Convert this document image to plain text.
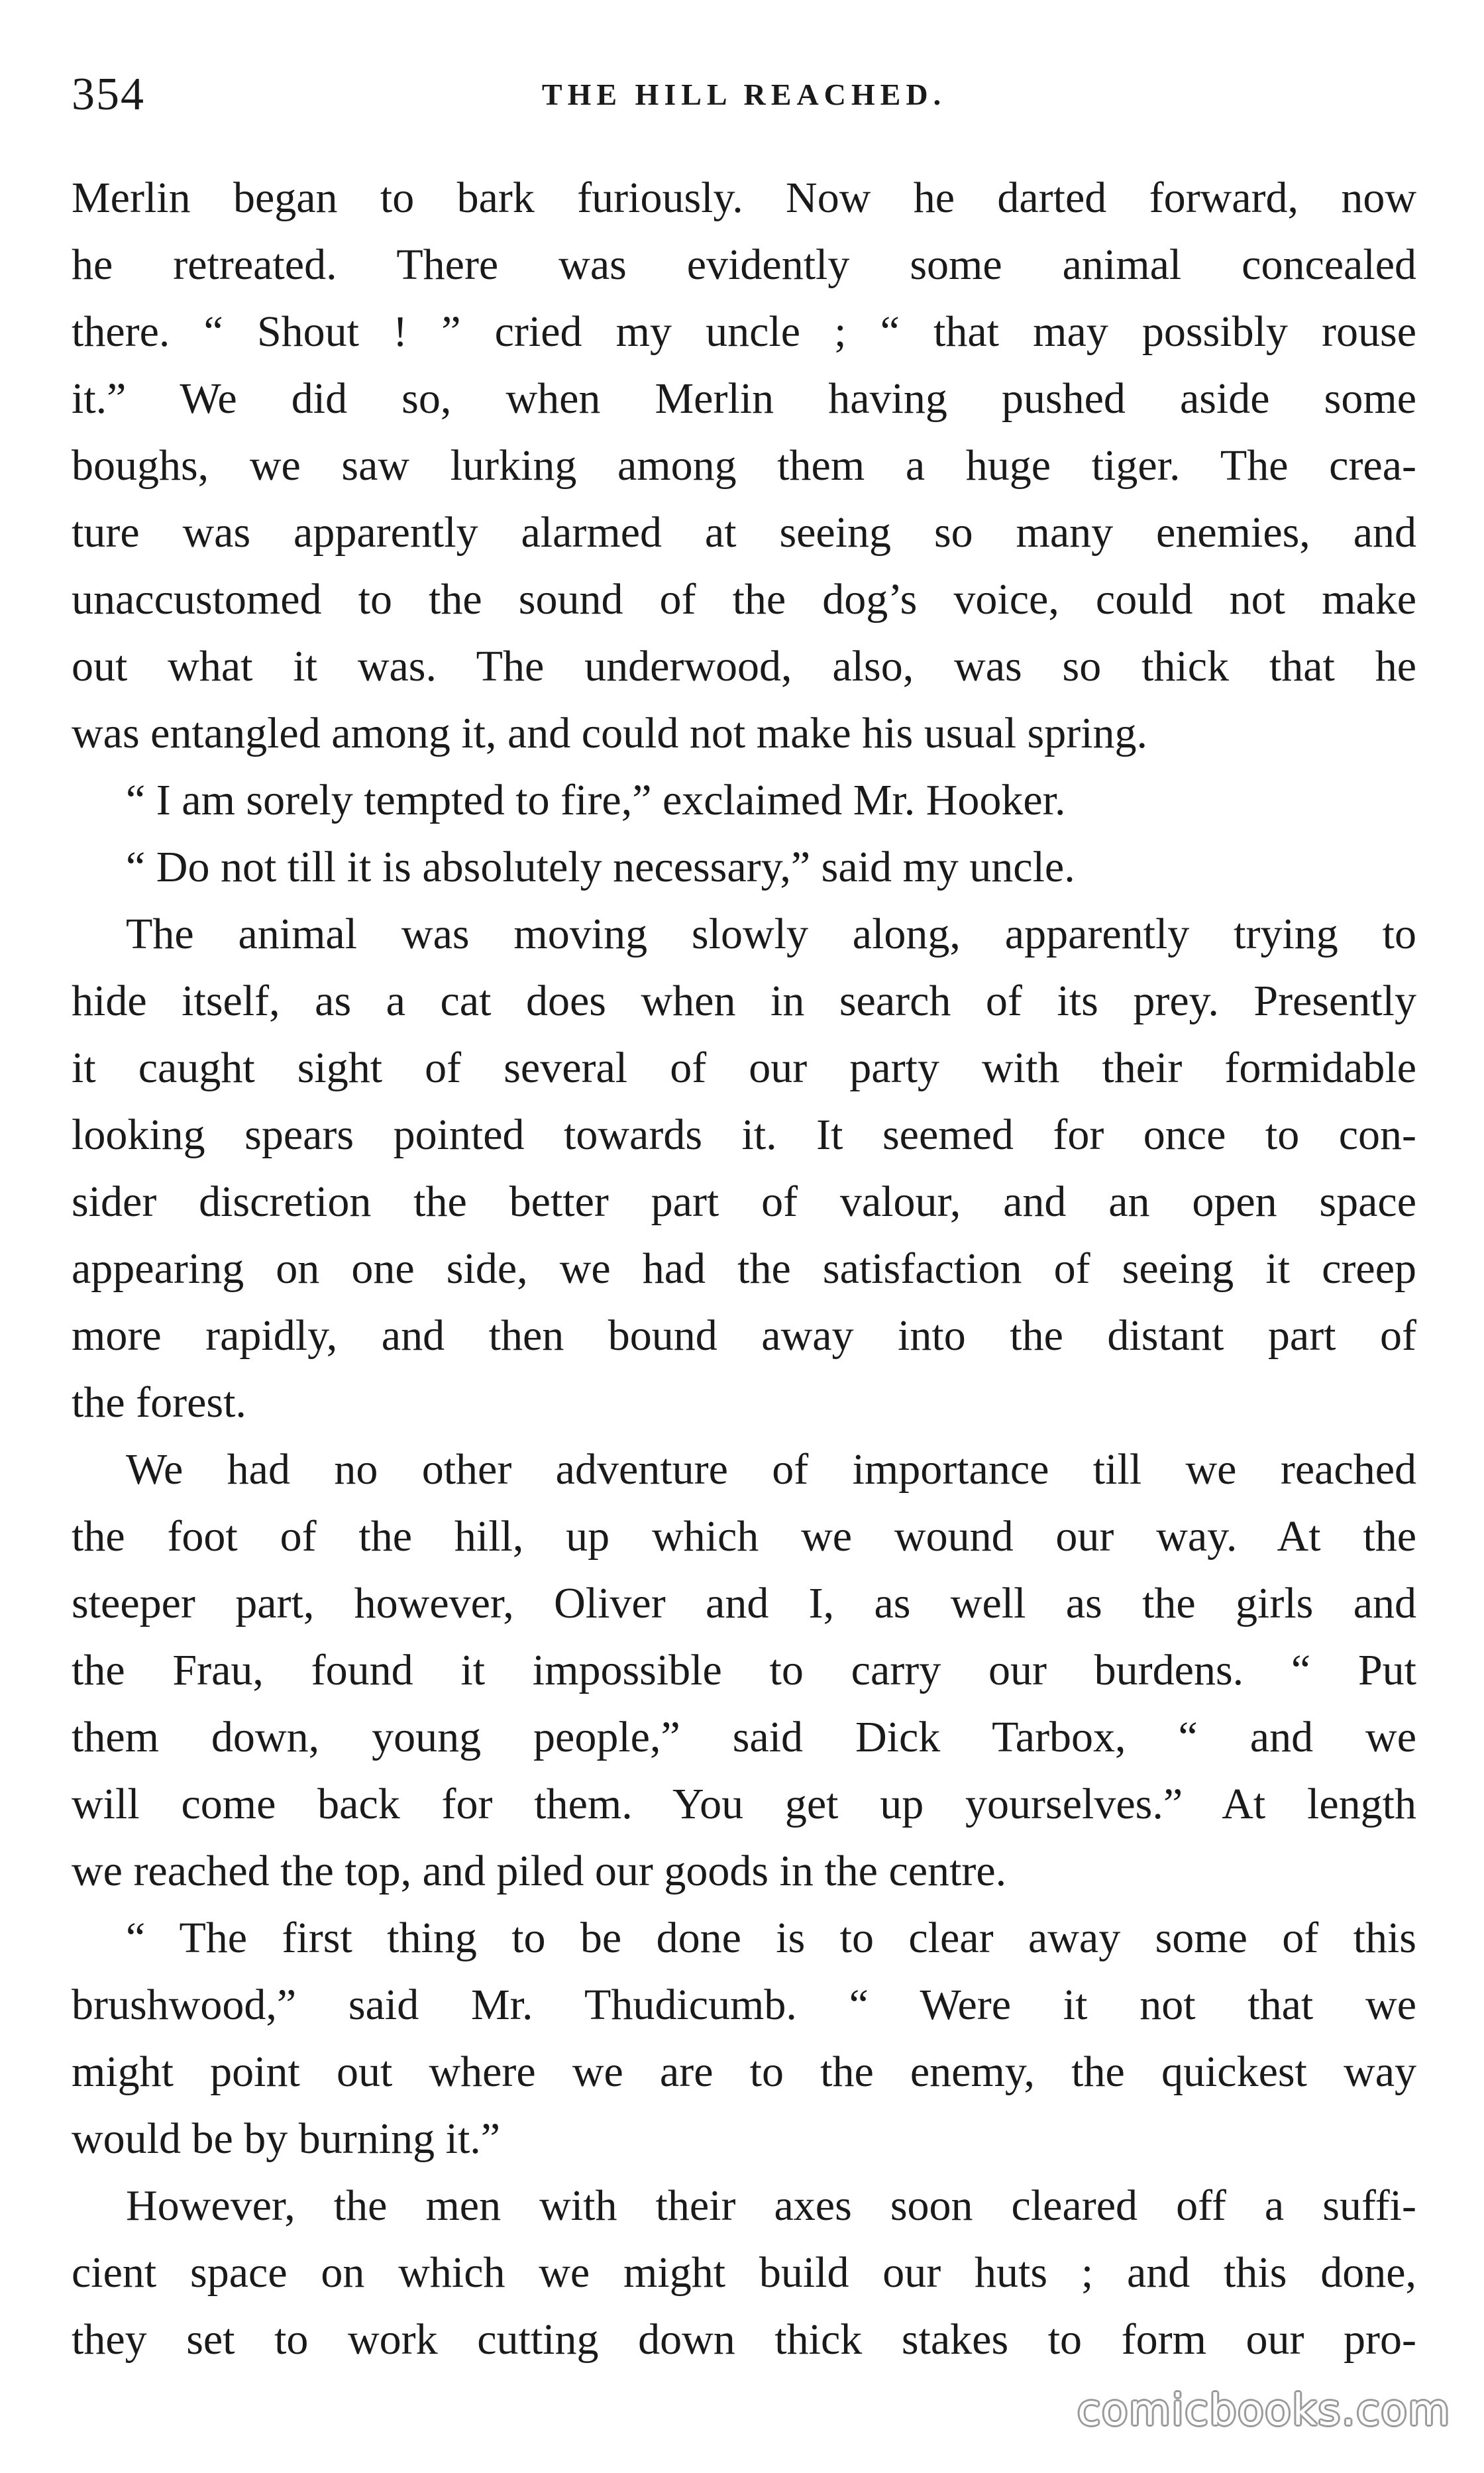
354	THE HILL REACHED.
Merlin began to bark furiously. Now he darted forward, now
he retreated. There was evidently some animal concealed
there. “ Shout ! ” cried my uncle ; “ that may possibly rouse
it.” We did so, when Merlin having pushed aside some
boughs, we saw lurking among them a huge tiger. The crea-
ture was apparently alarmed at seeing so many enemies, and
unaccustomed to the sound of the dog’s voice, could not make
out what it was. The underwood, also, was so thick that he
was entangled among it, and could not make his usual spring.
“ I am sorely tempted to fire,” exclaimed Mr. Hooker.
“ Do not till it is absolutely necessary,” said my uncle.
The animal was moving slowly along, apparently trying to
hide itself, as a cat does when in search of its prey. Presently
it caught sight of several of our party with their formidable
looking spears pointed towards it. It seemed for once to con-
sider discretion the better part of valour, and an open space
appearing on one side, we had the satisfaction of seeing it creep
more rapidly, and then bound away into the distant part of
the forest.
We had no other adventure of importance till we reached
the foot of the hill, up which we wound our way. At the
steeper part, however, Oliver and I, as well as the girls and
the Frau, found it impossible to carry our burdens. “ Put
them down, young people,” said Dick Tarbox, “ and we
will come back for them. You get up yourselves.” At length
we reached the top, and piled our goods in the centre.
“ The first thing to be done is to clear away some of this
brushwood,” said Mr. Thudicumb. “ Were it not that we
might point out where we are to the enemy, the quickest way
would be by burning it.”
However, the men with their axes soon cleared off a suffi-
cient space on which we might build our huts ; and this done,
they set to work cutting down thick stakes to form our pro-
comicbooks.com
